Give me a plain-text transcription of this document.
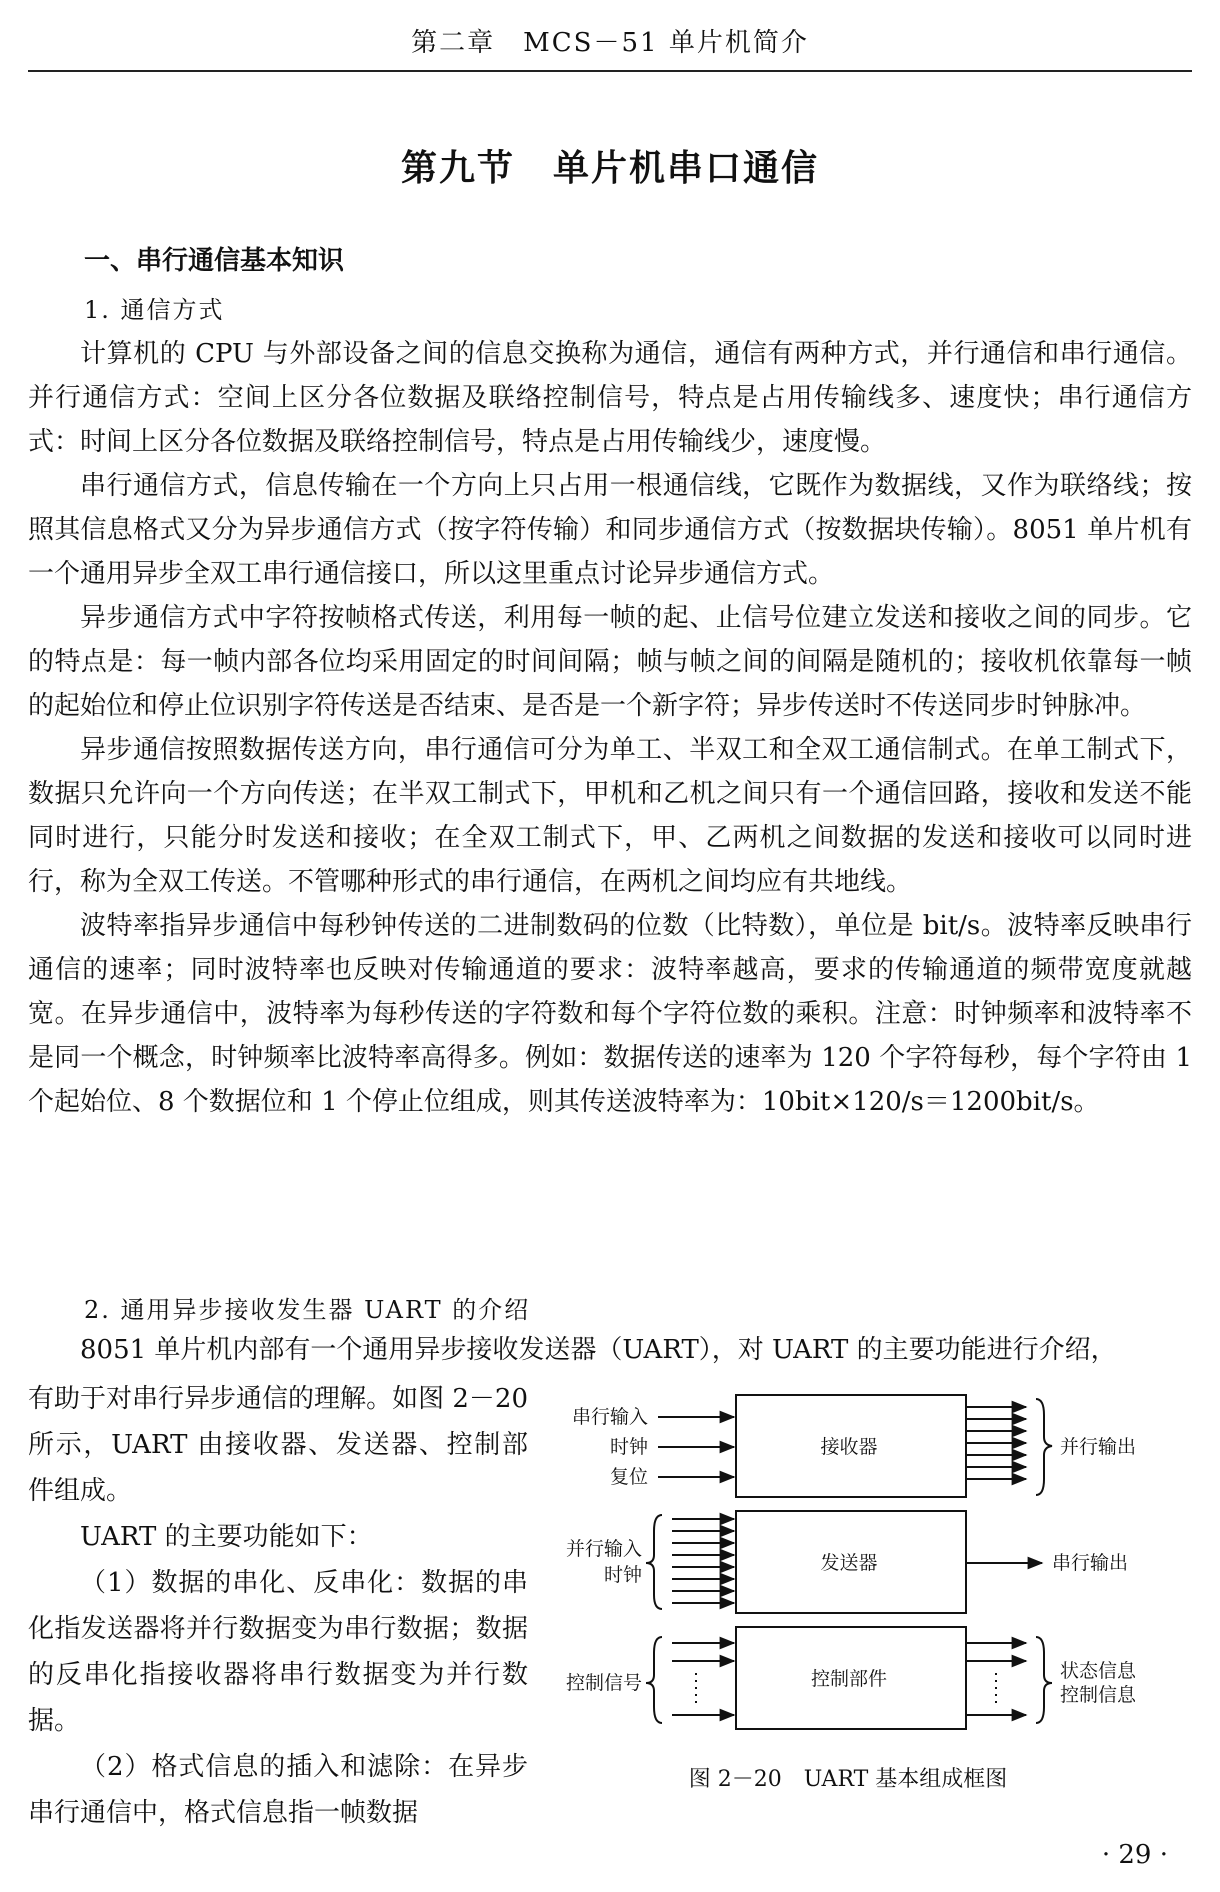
第二章　MCS－51 单片机简介
第九节　单片机串口通信
一、串行通信基本知识
1. 通信方式

计算机的 CPU 与外部设备之间的信息交换称为通信，通信有两种方式，并行通信和串行通信。并行通信方式：空间上区分各位数据及联络控制信号，特点是占用传输线多、速度快；串行通信方式：时间上区分各位数据及联络控制信号，特点是占用传输线少，速度慢。

串行通信方式，信息传输在一个方向上只占用一根通信线，它既作为数据线，又作为联络线；按照其信息格式又分为异步通信方式（按字符传输）和同步通信方式（按数据块传输）。8051 单片机有一个通用异步全双工串行通信接口，所以这里重点讨论异步通信方式。

异步通信方式中字符按帧格式传送，利用每一帧的起、止信号位建立发送和接收之间的同步。它的特点是：每一帧内部各位均采用固定的时间间隔；帧与帧之间的间隔是随机的；接收机依靠每一帧的起始位和停止位识别字符传送是否结束、是否是一个新字符；异步传送时不传送同步时钟脉冲。

异步通信按照数据传送方向，串行通信可分为单工、半双工和全双工通信制式。在单工制式下，数据只允许向一个方向传送；在半双工制式下，甲机和乙机之间只有一个通信回路，接收和发送不能同时进行，只能分时发送和接收；在全双工制式下，甲、乙两机之间数据的发送和接收可以同时进行，称为全双工传送。不管哪种形式的串行通信，在两机之间均应有共地线。

波特率指异步通信中每秒钟传送的二进制数码的位数（比特数），单位是 bit/s。波特率反映串行通信的速率；同时波特率也反映对传输通道的要求：波特率越高，要求的传输通道的频带宽度就越宽。在异步通信中，波特率为每秒传送的字符数和每个字符位数的乘积。注意：时钟频率和波特率不是同一个概念，时钟频率比波特率高得多。例如：数据传送的速率为 120 个字符每秒，每个字符由 1 个起始位、8 个数据位和 1 个停止位组成，则其传送波特率为：10bit×120/s＝1200bit/s。

2. 通用异步接收发生器 UART 的介绍

8051 单片机内部有一个通用异步接收发送器（UART），对 UART 的主要功能进行介绍，

有助于对串行异步通信的理解。如图 2－20所示，UART 由接收器、发送器、控制部件组成。

UART 的主要功能如下：

（1）数据的串化、反串化：数据的串化指发送器将并行数据变为串行数据；数据的反串化指接收器将串行数据变为并行数据。

（2）格式信息的插入和滤除：在异步串行通信中，格式信息指一帧数据

接收器
发送器
控制部件
串行输入
时钟
复位
并行输出
并行输入
时钟
串行输出
控制信号
状态信息
控制信息
图 2－20　UART 基本组成框图
· 29 ·
